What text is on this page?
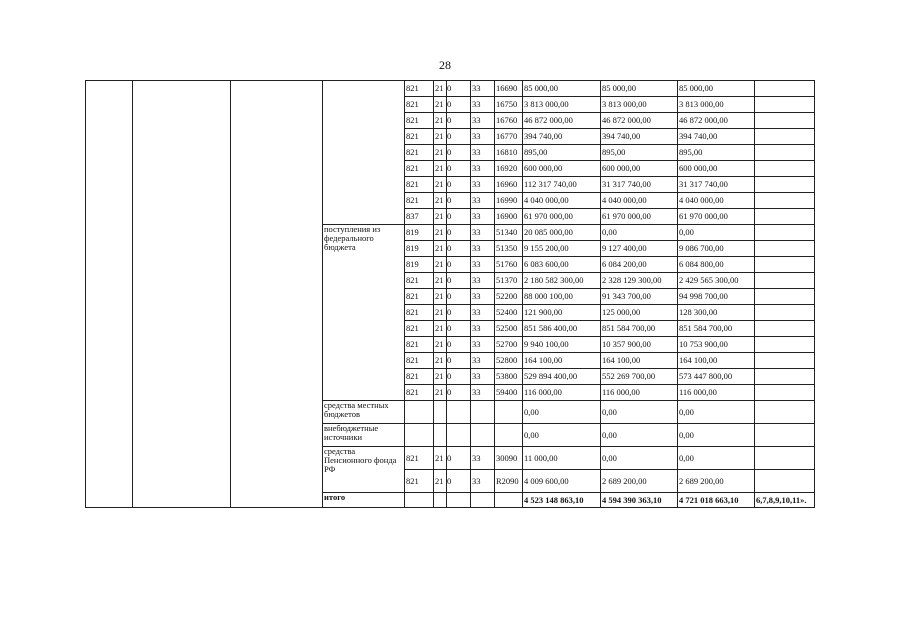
28
				821	21	0	33	16690	85 000,00	85 000,00	85 000,00	
				821	21	0	33	16750	3 813 000,00	3 813 000,00	3 813 000,00	
				821	21	0	33	16760	46 872 000,00	46 872 000,00	46 872 000,00	
				821	21	0	33	16770	394 740,00	394 740,00	394 740,00	
				821	21	0	33	16810	895,00	895,00	895,00	
				821	21	0	33	16920	600 000,00	600 000,00	600 000,00	
				821	21	0	33	16960	112 317 740,00	31 317 740,00	31 317 740,00	
				821	21	0	33	16990	4 040 000,00	4 040 000,00	4 040 000,00	
				837	21	0	33	16900	61 970 000,00	61 970 000,00	61 970 000,00	
			поступления из федерального бюджета	819	21	0	33	51340	20 085 000,00	0,00	0,00	
				819	21	0	33	51350	9 155 200,00	9 127 400,00	9 086 700,00	
				819	21	0	33	51760	6 083 600,00	6 084 200,00	6 084 800,00	
				821	21	0	33	51370	2 180 582 300,00	2 328 129 300,00	2 429 565 300,00	
				821	21	0	33	52200	88 000 100,00	91 343 700,00	94 998 700,00	
				821	21	0	33	52400	121 900,00	125 000,00	128 300,00	
				821	21	0	33	52500	851 586 400,00	851 584 700,00	851 584 700,00	
				821	21	0	33	52700	9 940 100,00	10 357 900,00	10 753 900,00	
				821	21	0	33	52800	164 100,00	164 100,00	164 100,00	
				821	21	0	33	53800	529 894 400,00	552 269 700,00	573 447 800,00	
				821	21	0	33	59400	116 000,00	116 000,00	116 000,00	
			средства местных бюджетов						0,00	0,00	0,00	
			внебюджетные источники						0,00	0,00	0,00	
			средства Пенсионного фонда РФ	821	21	0	33	30090	11 000,00	0,00	0,00	
				821	21	0	33	R2090	4 009 600,00	2 689 200,00	2 689 200,00	
			итого						4 523 148 863,10	4 594 390 363,10	4 721 018 663,10	6,7,8,9,10,11».
